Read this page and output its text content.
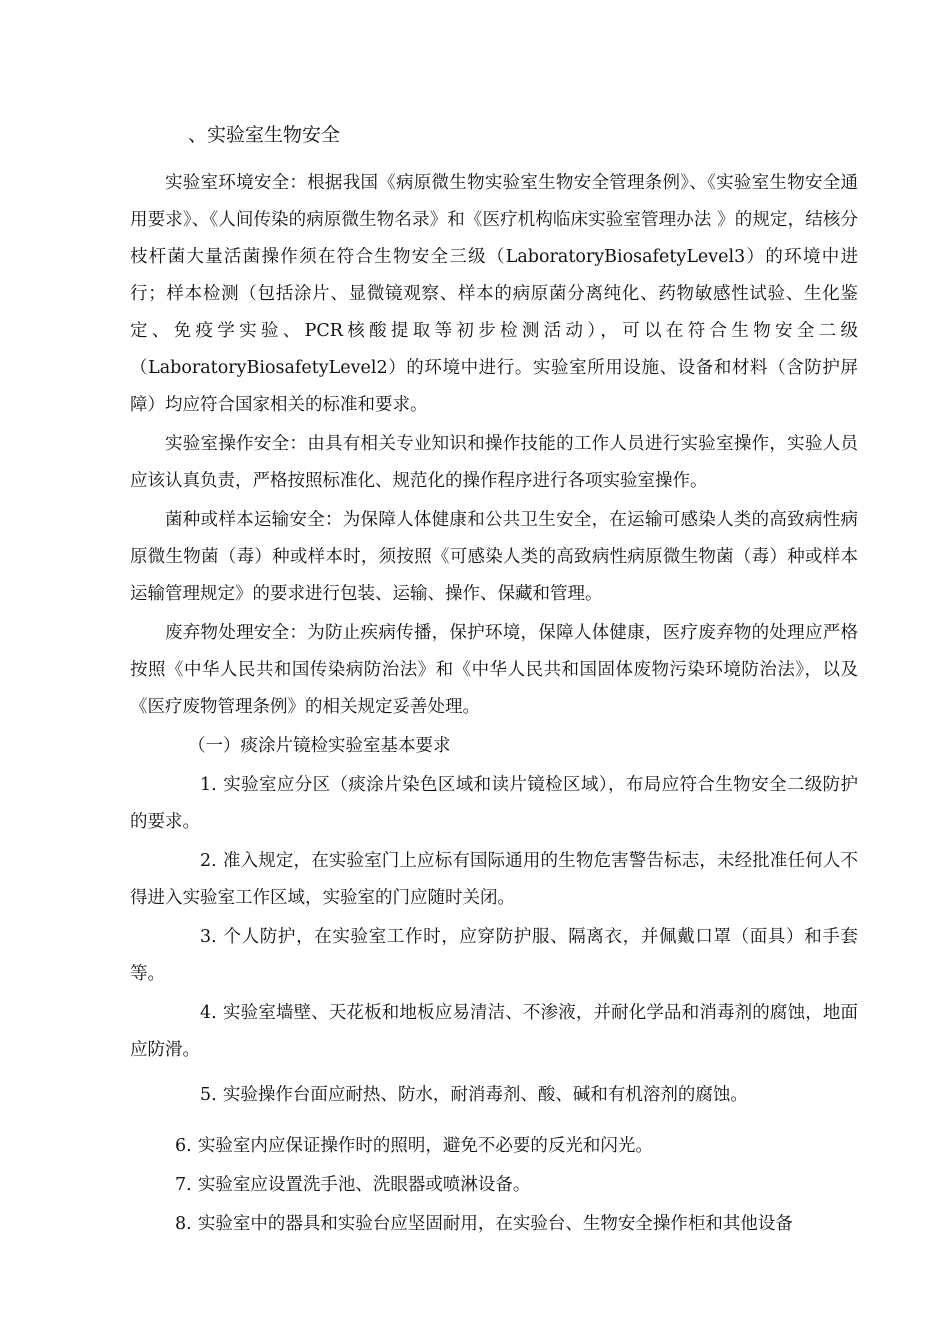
、实验室生物安全

实验室环境安全：根据我国《病原微生物实验室生物安全管理条例》、《实验室生物安全通用要求》、《人间传染的病原微生物名录》和《医疗机构临床实验室管理办法 》的规定，结核分枝杆菌大量活菌操作须在符合生物安全三级（LaboratoryBiosafetyLevel3）的环境中进行；样本检测（包括涂片、显微镜观察、样本的病原菌分离纯化、药物敏感性试验、生化鉴定、免疫学实验、PCR核酸提取等初步检测活动），可以在符合生物安全二级（LaboratoryBiosafetyLevel2）的环境中进行。实验室所用设施、设备和材料（含防护屏障）均应符合国家相关的标准和要求。

实验室操作安全：由具有相关专业知识和操作技能的工作人员进行实验室操作，实验人员应该认真负责，严格按照标准化、规范化的操作程序进行各项实验室操作。

菌种或样本运输安全：为保障人体健康和公共卫生安全，在运输可感染人类的高致病性病原微生物菌（毒）种或样本时，须按照《可感染人类的高致病性病原微生物菌（毒）种或样本运输管理规定》的要求进行包装、运输、操作、保藏和管理。

废弃物处理安全：为防止疾病传播，保护环境，保障人体健康，医疗废弃物的处理应严格按照《中华人民共和国传染病防治法》和《中华人民共和国固体废物污染环境防治法》，以及《医疗废物管理条例》的相关规定妥善处理。

（一）痰涂片镜检实验室基本要求

1. 实验室应分区（痰涂片染色区域和读片镜检区域），布局应符合生物安全二级防护的要求。

2. 准入规定，在实验室门上应标有国际通用的生物危害警告标志，未经批准任何人不得进入实验室工作区域，实验室的门应随时关闭。

3. 个人防护，在实验室工作时，应穿防护服、隔离衣，并佩戴口罩（面具）和手套等。

4. 实验室墙壁、天花板和地板应易清洁、不渗液，并耐化学品和消毒剂的腐蚀，地面应防滑。

5. 实验操作台面应耐热、防水，耐消毒剂、酸、碱和有机溶剂的腐蚀。

6. 实验室内应保证操作时的照明，避免不必要的反光和闪光。

7. 实验室应设置洗手池、洗眼器或喷淋设备。

8. 实验室中的器具和实验台应坚固耐用，在实验台、生物安全操作柜和其他设备
